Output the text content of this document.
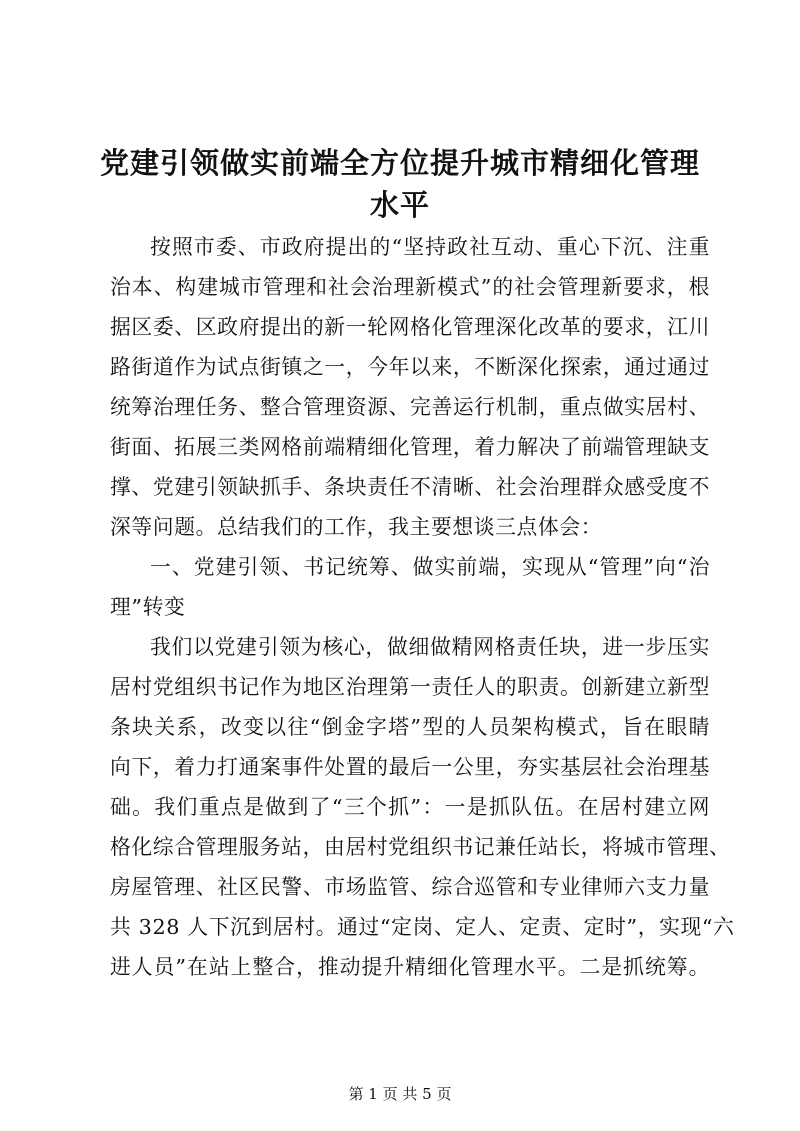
党建引领做实前端全方位提升城市精细化管理
水平
按照市委、市政府提出的“坚持政社互动、重心下沉、注重
治本、构建城市管理和社会治理新模式”的社会管理新要求，根
据区委、区政府提出的新一轮网格化管理深化改革的要求，江川
路街道作为试点街镇之一，今年以来，不断深化探索，通过通过
统筹治理任务、整合管理资源、完善运行机制，重点做实居村、
街面、拓展三类网格前端精细化管理，着力解决了前端管理缺支
撑、党建引领缺抓手、条块责任不清晰、社会治理群众感受度不
深等问题。总结我们的工作，我主要想谈三点体会：
一、党建引领、书记统筹、做实前端，实现从“管理”向“治
理”转变
我们以党建引领为核心，做细做精网格责任块，进一步压实
居村党组织书记作为地区治理第一责任人的职责。创新建立新型
条块关系，改变以往“倒金字塔”型的人员架构模式，旨在眼睛
向下，着力打通案事件处置的最后一公里，夯实基层社会治理基
础。我们重点是做到了“三个抓”：一是抓队伍。在居村建立网
格化综合管理服务站，由居村党组织书记兼任站长，将城市管理、
房屋管理、社区民警、市场监管、综合巡管和专业律师六支力量
共 328 人下沉到居村。通过“定岗、定人、定责、定时”，实现“六
进人员”在站上整合，推动提升精细化管理水平。二是抓统筹。
第 1 页 共 5 页
